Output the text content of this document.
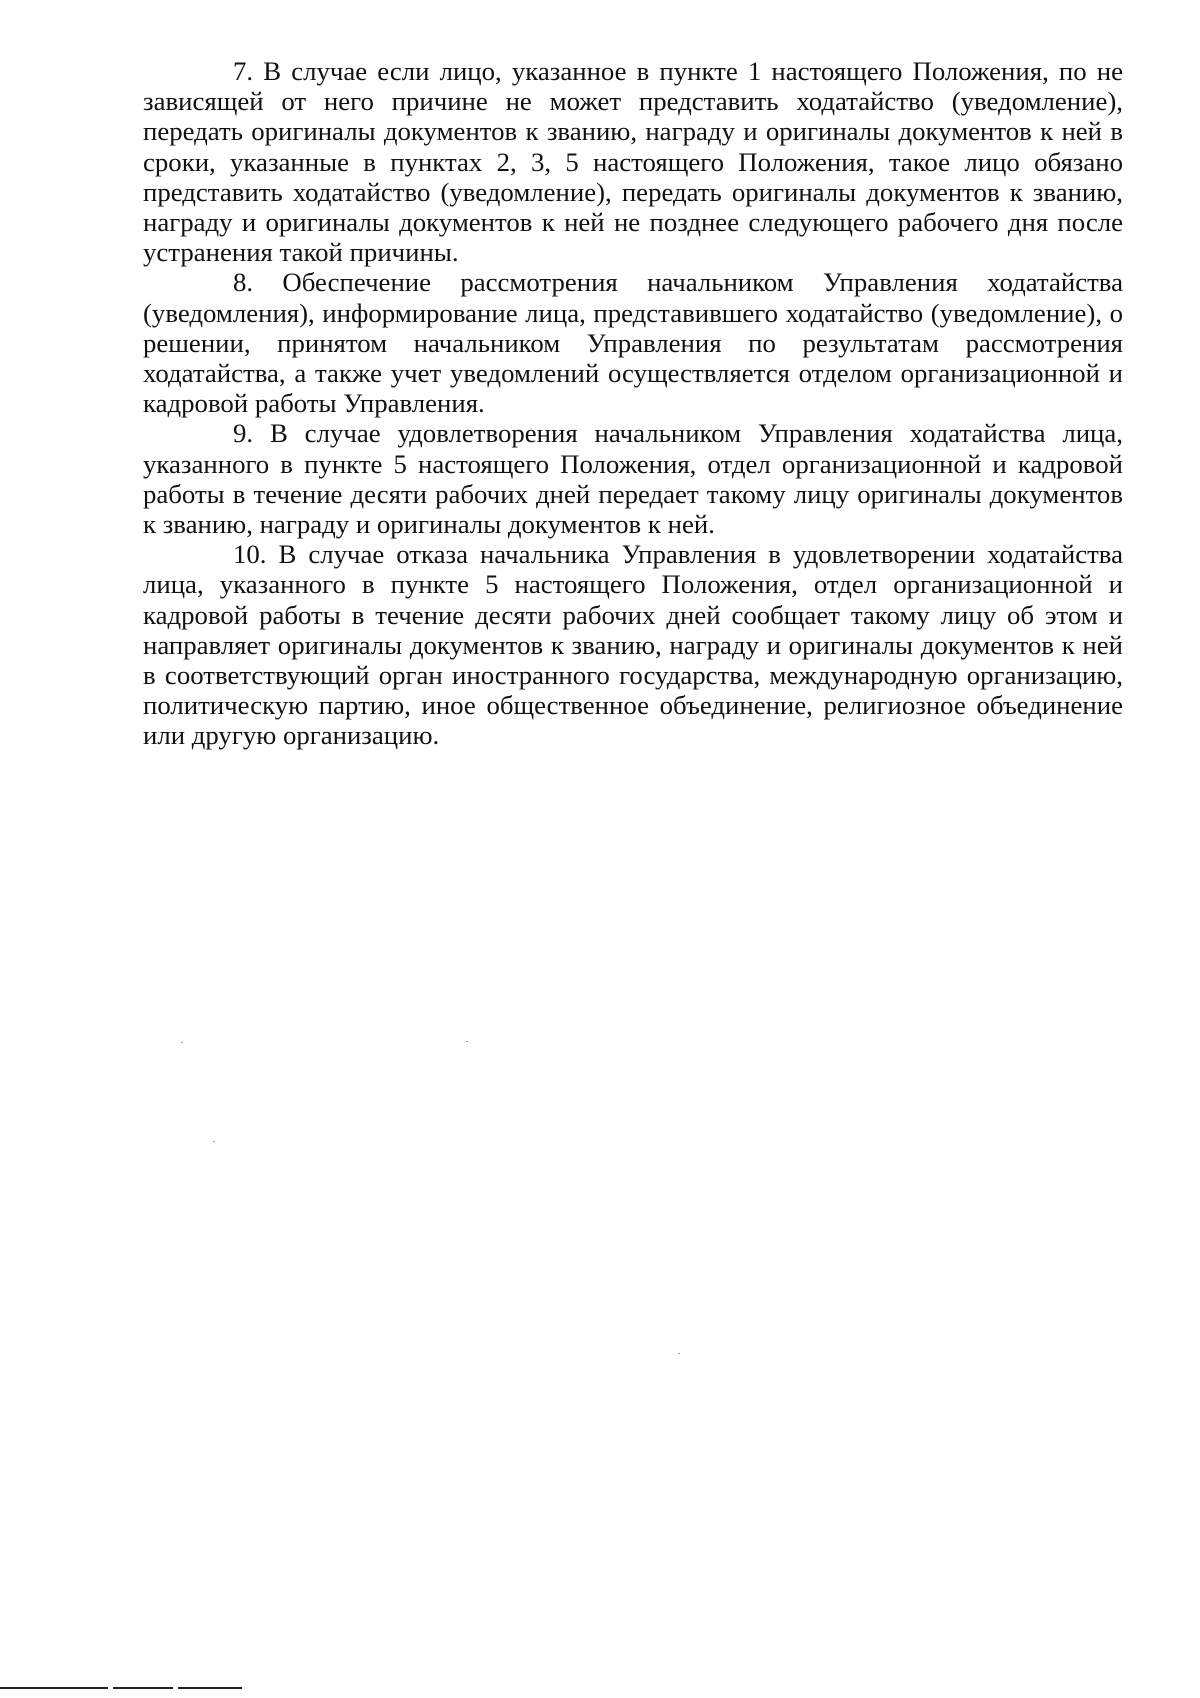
7. В случае если лицо, указанное в пункте 1 настоящего Положения, по не зависящей от него причине не может представить ходатайство (уведомление), передать оригиналы документов к званию, награду и оригиналы документов к ней в сроки, указанные в пунктах 2, 3, 5 настоящего Положения, такое лицо обязано представить ходатайство (уведомление), передать оригиналы документов к званию, награду и оригиналы документов к ней не позднее следующего рабочего дня после устранения такой причины.

8. Обеспечение рассмотрения начальником Управления ходатайства (уведомления), информирование лица, представившего ходатайство (уведомление), о решении, принятом начальником Управления по результатам рассмотрения ходатайства, а также учет уведомлений осуществляется отделом организационной и кадровой работы Управления.

9. В случае удовлетворения начальником Управления ходатайства лица, указанного в пункте 5 настоящего Положения, отдел организационной и кадровой работы в течение десяти рабочих дней передает такому лицу оригиналы документов к званию, награду и оригиналы документов к ней.

10. В случае отказа начальника Управления в удовлетворении ходатайства лица, указанного в пункте 5 настоящего Положения, отдел организационной и кадровой работы в течение десяти рабочих дней сообщает такому лицу об этом и направляет оригиналы документов к званию, награду и оригиналы документов к ней в соответствующий орган иностранного государства, международную организацию, политическую партию, иное общественное объединение, религиозное объединение или другую организацию.
